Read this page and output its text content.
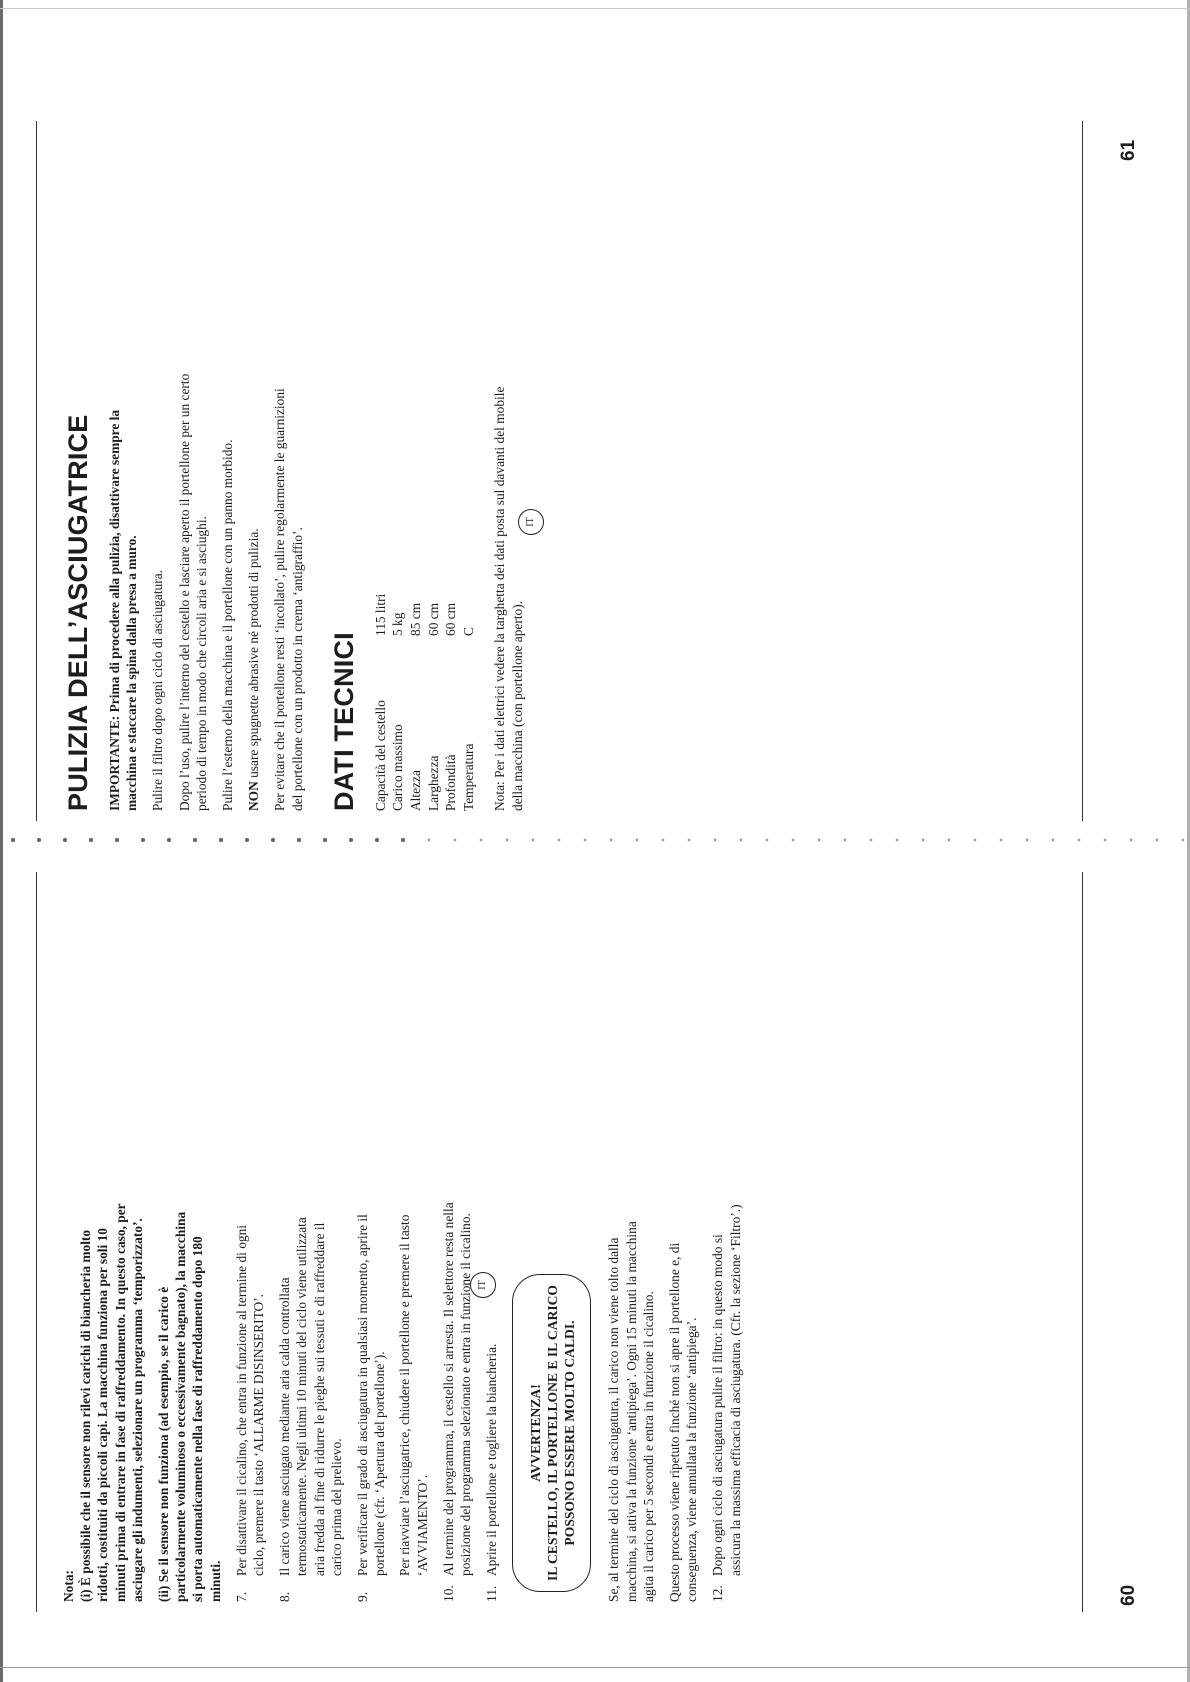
IT

Nota: (i) È possibile che il sensore non rilevi carichi di biancheria molto ridotti, costituiti da piccoli capi. La macchina funziona per soli 10 minuti prima di entrare in fase di raffreddamento. In questo caso, per asciugare gli indumenti, selezionare un programma ‘temporizzato’. (ii) Se il sensore non funziona (ad esempio, se il carico è particolarmente voluminoso o eccessivamente bagnato), la macchina si porta automaticamente nella fase di raffreddamento dopo 180 minuti. 7.

Per disattivare il cicalino, che entra in funzione al termine di ogni ciclo, premere il tasto ‘ALLARME DISINSERITO’.

8.

Il carico viene asciugato mediante aria calda controllata termostaticamente. Negli ultimi 10 minuti del ciclo viene utilizzata aria fredda al fine di ridurre le pieghe sui tessuti e di raffreddare il carico prima del prelievo.

9.

Per verificare il grado di asciugatura in qualsiasi momento, aprire il portellone (cfr. ‘Apertura del portellone’). Per riavviare l’asciugatrice, chiudere il portellone e premere il tasto ‘AVVIAMENTO’.

10.

Al termine del programma, il cestello si arresta. Il selettore resta nella posizione del programma selezionato e entra in funzione il cicalino.

11.

Aprire il portellone e togliere la biancheria. AVVERTENZA! IL CESTELLO, IL PORTELLONE E IL CARICO POSSONO ESSERE MOLTO CALDI. Se, al termine del ciclo di asciugatura, il carico non viene tolto dalla macchina, si attiva la funzione ‘antipiega’. Ogni 15 minuti la macchina agita il carico per 5 secondi e entra in funzione il cicalino. Questo processo viene ripetuto finché non si apre il portellone e, di conseguenza, viene annullata la funzione ‘antipiega’. 12.

Dopo ogni ciclo di asciugatura pulire il filtro: in questo modo si assicura la massima efficacia di asciugatura. (Cfr. la sezione ‘Filtro’.)

60
IT
PULIZIA DELL’ASCIUGATRICE IMPORTANTE: Prima di procedere alla pulizia, disattivare sempre la macchina e staccare la spina dalla presa a muro. Pulire il filtro dopo ogni ciclo di asciugatura. Dopo l’uso, pulire l’interno del cestello e lasciare aperto il portellone per un certo periodo di tempo in modo che circoli aria e si asciughi. Pulire l’esterno della macchina e il portellone con un panno morbido. NON usare spugnette abrasive né prodotti di pulizia. Per evitare che il portellone resti ‘incollato’, pulire regolarmente le guarnizioni del portellone con un prodotto in crema ‘antigraffio’. DATI TECNICI Capacità del cestello	115 litri
Carico massimo	5 kg
Altezza	85 cm
Larghezza	60 cm
Profondità	60 cm
Temperatura	C Nota: Per i dati elettrici vedere la targhetta dei dati posta sul davanti del mobile della macchina (con portellone aperto).

61
